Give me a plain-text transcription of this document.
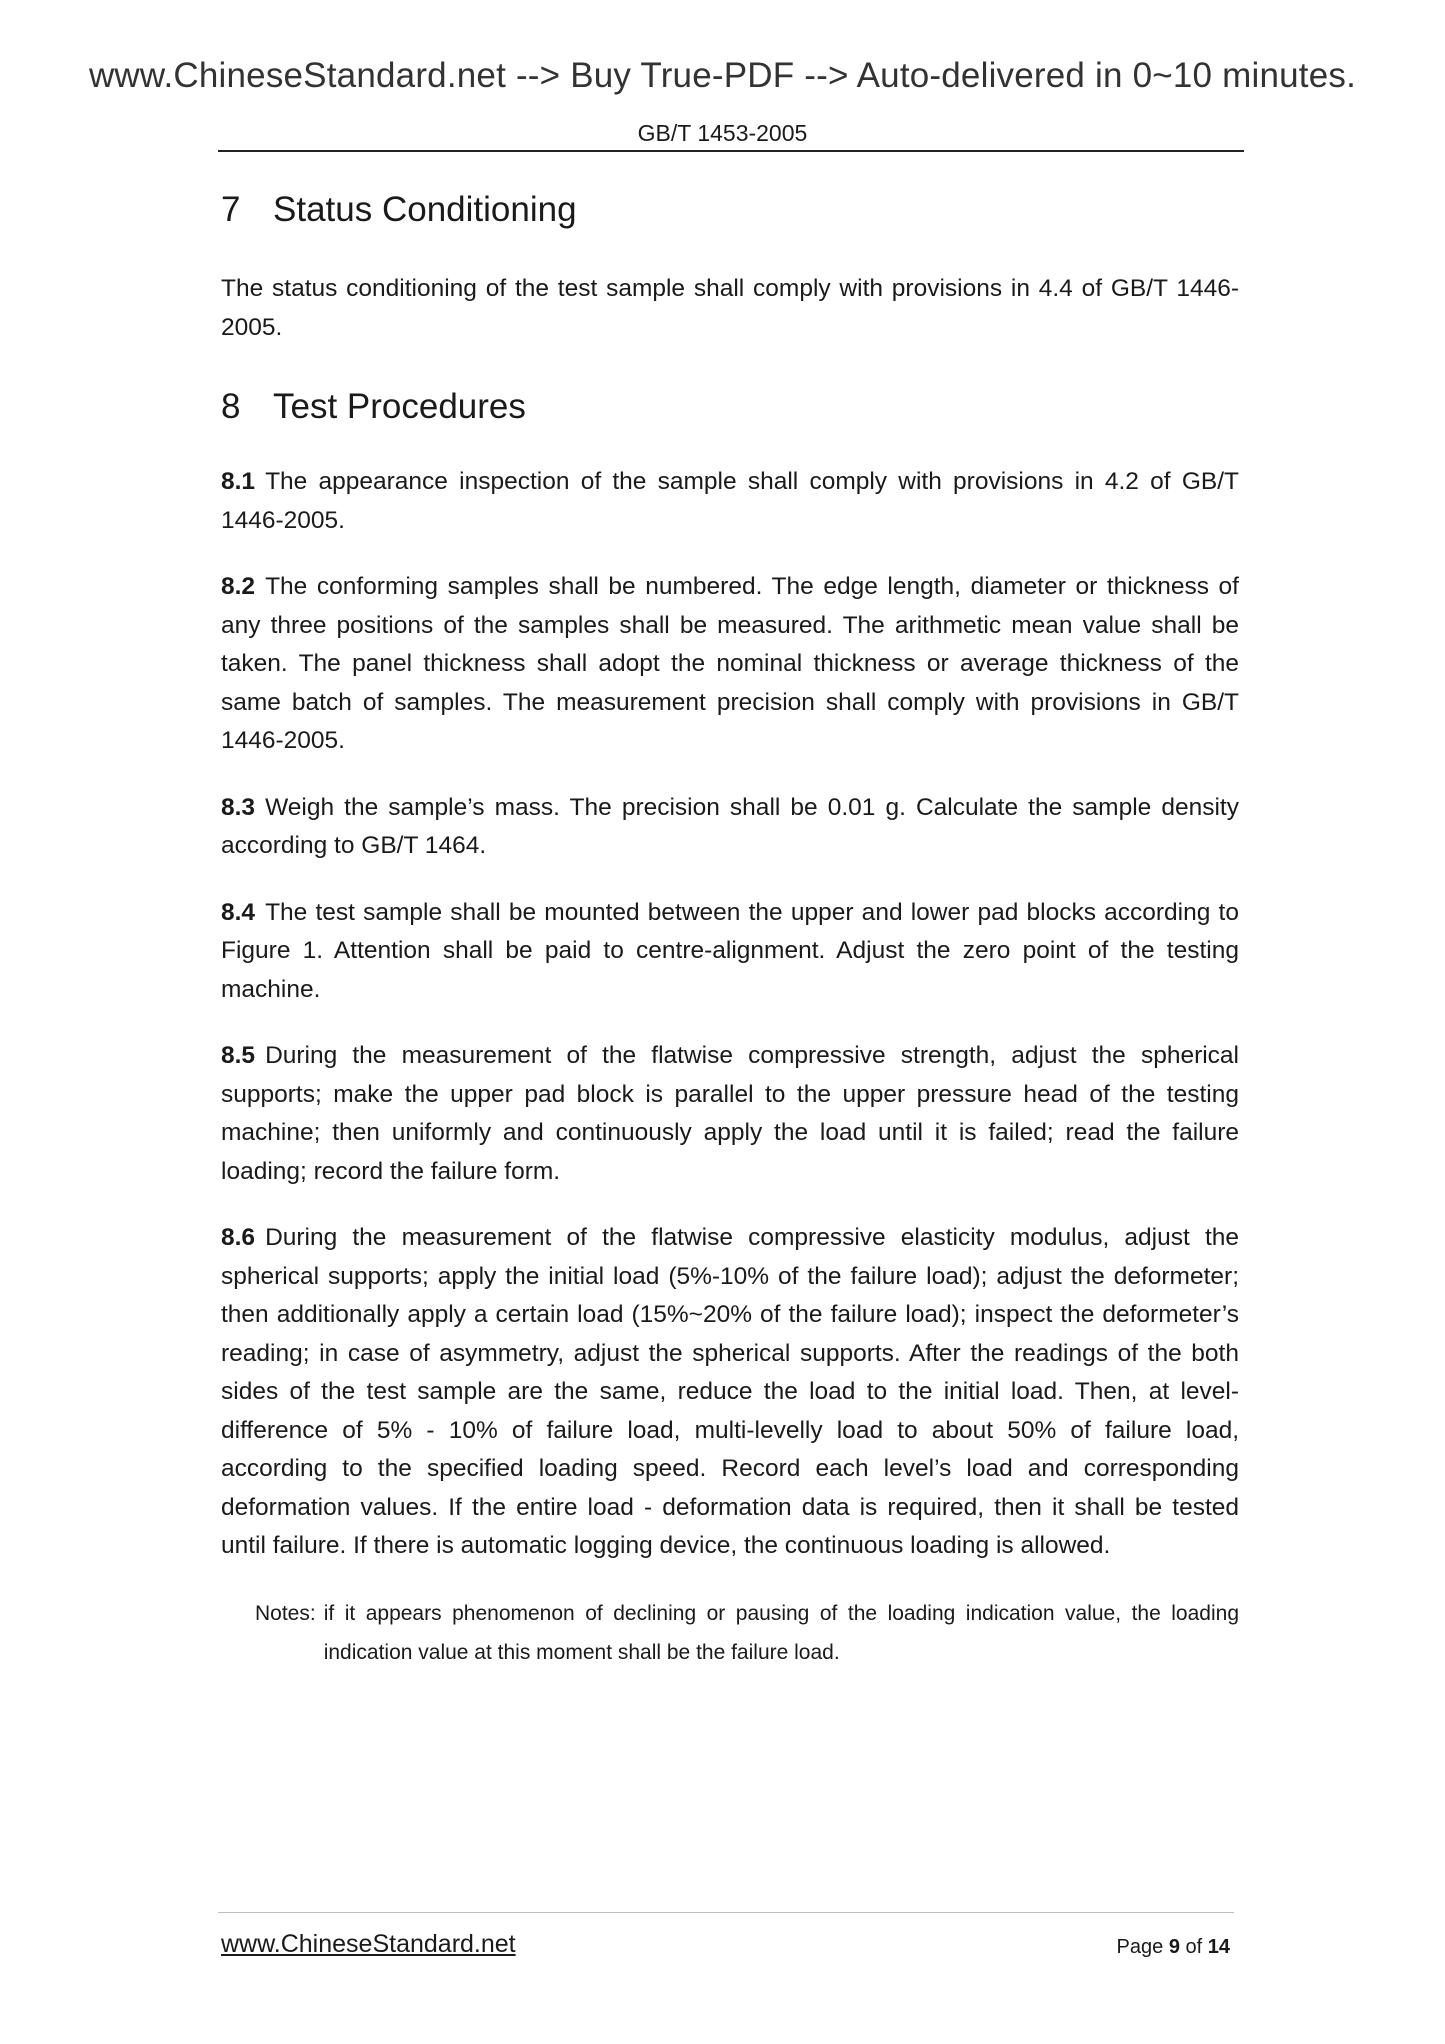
www.ChineseStandard.net --> Buy True-PDF --> Auto-delivered in 0~10 minutes.
GB/T 1453-2005
7 Status Conditioning

The status conditioning of the test sample shall comply with provisions in 4.4 of GB/T 1446-2005.

8 Test Procedures

8.1 The appearance inspection of the sample shall comply with provisions in 4.2 of GB/T 1446-2005.

8.2 The conforming samples shall be numbered. The edge length, diameter or thickness of any three positions of the samples shall be measured. The arithmetic mean value shall be taken. The panel thickness shall adopt the nominal thickness or average thickness of the same batch of samples. The measurement precision shall comply with provisions in GB/T 1446-2005.

8.3 Weigh the sample’s mass. The precision shall be 0.01 g. Calculate the sample density according to GB/T 1464.

8.4 The test sample shall be mounted between the upper and lower pad blocks according to Figure 1. Attention shall be paid to centre-alignment. Adjust the zero point of the testing machine.

8.5 During the measurement of the flatwise compressive strength, adjust the spherical supports; make the upper pad block is parallel to the upper pressure head of the testing machine; then uniformly and continuously apply the load until it is failed; read the failure loading; record the failure form.

8.6 During the measurement of the flatwise compressive elasticity modulus, adjust the spherical supports; apply the initial load (5%-10% of the failure load); adjust the deformeter; then additionally apply a certain load (15%~20% of the failure load); inspect the deformeter’s reading; in case of asymmetry, adjust the spherical supports. After the readings of the both sides of the test sample are the same, reduce the load to the initial load. Then, at level-difference of 5% - 10% of failure load, multi-levelly load to about 50% of failure load, according to the specified loading speed. Record each level’s load and corresponding deformation values. If the entire load - deformation data is required, then it shall be tested until failure. If there is automatic logging device, the continuous loading is allowed.

Notes: if it appears phenomenon of declining or pausing of the loading indication value, the loading indication value at this moment shall be the failure load.
www.ChineseStandard.net	Page 9 of 14
